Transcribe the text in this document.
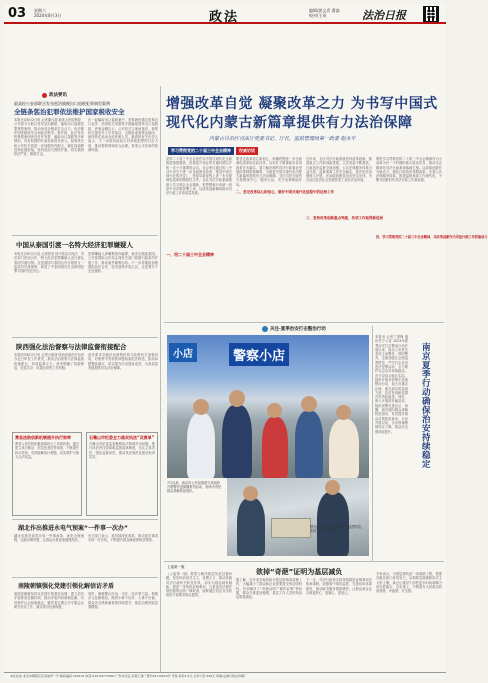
03 星期六
2024年8月3日	政法	编辑/郭文青 曹淼
校对/王英	法治日报
政法要讯
最高检公安部联合发布惩治偷税出口退税犯罪典型案例
全链条惩治犯罪依法维护国家税收安全
本报北京8月2日电 记者董凡超 最高人民检察院、公安部今天联合发布惩治偷税、骗取出口退税犯罪典型案例，推动形成全链条打击合力，依法维护国家税收安全和经济秩序。据介绍，此次发布的典型案例涉及虚开发票、骗取出口退税等多种情形，具有较强的代表性和指导意义。检察机关和公安机关将进一步加强协作配合，强化线索移送和证据衔接，坚持惩治与预防并重，切实做到依法严惩、精准打击。
在一起骗取出口退税案中，犯罪团伙通过虚构出口业务、伪造报关单据等手段骗取国家出口退税款，涉案金额巨大。公安机关立案侦查后，检察机关提前介入引导取证，全链条追查资金流向，最终依法追诉全部涉案人员。最高检有关负责人表示，下一步将持续加大对涉税犯罪的打击力度，推动税收领域综合治理，营造公平竞争的营商环境。
中国从泰国引渡一名特大经济犯罪嫌疑人
本报北京8月2日电 记者张昊 经中泰双方执法、司法部门密切合作，特大经济犯罪嫌疑人近日被从泰国引渡回国。这是我国与泰国合作开展的又一起成功引渡案例，彰显了中泰两国在打击跨国犯罪方面的坚定决心。
犯罪嫌疑人涉嫌集资诈骗罪，案发后潜逃泰国。公安部国际合作局会同有关部门依据引渡条约开展工作，推动案件顺利办结。下一步将继续加强国际执法合作，坚决追缉外逃人员，让犯罪分子无处遁形。
陕西强化法治督察与法律监督衔接配合
本报西安8月2日电 记者台建林 陕西省委依法治省办近日印发工作意见，推动法治督察与法律监督衔接配合，形成监督合力。意见明确了线索移送、信息共享、结果运用等工作机制。
意见要求各级法治督察机构与检察机关加强协同，对督察中发现的问题线索依法移送，推动问题整改落实，切实提升法治建设成效，为高质量发展提供坚实法治保障。
费县法院创新机制提升执行效率
费县人民法院积极探索执行工作新机制，通过建立执行联动、信息化查控等举措，不断提升执行效率，有效破解执行难题，切实维护当事人合法权益。
石嘴山市纪委全力落实执法“双责单”
石嘴山市纪委监委聚焦执法领域突出问题，推行执法责任清单和监督清单制度，压实主体责任，强化监督问责，推动执法规范化建设取得实效。
湖北作出推进永电气预案“一件事一次办”
湖北省推进高效办成一件事改革，优化办理流程，压缩办理时限，让群众办事更加便捷高效。
有关部门表示，将持续深化改革，推动更多事项实现一次办结，不断提升群众满意度和获得感。
南陵朝镇强化党建引领化解信访矛盾
南陵县朝镇坚持以党建引领基层治理，建立信访矛盾排查化解机制，推动矛盾纠纷就地化解，有效维护社会和谐稳定。镇党委定期召开专题会议研究信访工作，落实领导包案制度。
同时，朝镇整合综治、司法、信访等力量，构建多元化解格局，做到小事不出村、大事不出镇，群众安全感和满意度持续提升，基层治理效能显著增强。
增强改革自觉 凝聚改革之力 为书写中国式
现代化内蒙古新篇章提供有力法治保障
内蒙古自治区司法厅党委书记、厅长，监狱管理局第一政委 赵永平
学习贯彻党的二十届三中全会精神	权威访谈
党的二十届三中全会是在以中国式现代化全面推进强国建设、民族复兴伟业的关键时期召开的一次十分重要的会议。全会审议通过的《中共中央关于进一步全面深化改革、推进中国式现代化的决定》，是指导新征程上进一步全面深化改革的纲领性文件。全区司法行政系统要深入学习领会全会精神，把思想和行动统一到党中央决策部署上来，以改革创新精神推动司法行政工作高质量发展。
一、用二十届三中全会精神
要坚定改革信心和恒心，准确把握进一步全面深化改革的目标任务，以钉钉子精神抓好各项改革任务落实，着力解决制约司法行政事业发展的体制机制障碍，为推进中国式现代化内蒙古新篇章提供有力法治保障。全区司法行政机关将围绕中心、服务大局，充分发挥职能作用。
二、坚定改革信心和恒心，做好中国式现代化进程中的法治工作
近年来，全区司法行政系统坚持改革创新，推进重点工作取得新进展。立法质量不断提高，行政执法监督全面加强，公共法律服务体系日益完善，监狱戒毒工作安全稳定，普法依法治理深入开展，法治政府建设迈出坚实步伐，为自治区经济社会发展营造了良好法治环境。
三、坚持改革创新重点突破，各项工作取得新进展
要把学习贯彻党的二十届三中全会精神作为当前和今后一个时期的重大政治任务，推动全会精神在司法行政系统落地生根。以改革创新作为驱动力，深化行政执法体制改革，完善公共法律服务体系，推进监狱戒毒工作现代化，不断开创新时代司法行政工作新局面。
四、学习贯彻党的二十届三中全会精神，以改革创新作为司法行政工作的驱动力
关注·夏季治安打击整治行动
小店	警察小店
7月以来，南京市公安局秦淮分局组织开展警务进商圈系列活动，现场为市民群众讲解防范知识。
图为民警在夫子庙商圈开展巡逻防控。
本报通讯员 宁警 摄
南京夏季行动确保治安持续稳定
本报讯 记者丁国锋 通讯员宁公宣 2024年夏季治安打击整治行动开展以来，南京公安机关坚持主动警务、预防警务，全面加强社会面巡逻防控，严厉打击各类违法犯罪活动，全力维护社会治安持续稳定。各分局结合辖区实际，组织开展多轮集中清查整治行动，加大对重点区域、重点部位的巡查力度，及时发现和处置各类风险隐患。同时，深入开展防诈骗宣传，组织民警走进社区、商圈，面对面向群众讲解防范知识，有效提升群众自我防范意识。行动开展以来，全市刑事警情同比下降，群众安全感持续提升。
上接第一版
欲掉“奇葩”证明为基层减负
（上接第一版）要着力解决基层负担过重问题，坚决纠治形式主义、官僚主义，推动各级司法行政机关转变作风，切实为基层减负赋能。要进一步规范证明事项，凡是没有法律法规依据的证明一律取消，能够通过信息共享获取的不再要求群众提供。
据了解，近年来各地持续开展证明事项清理工作，大幅减少了群众和企业需要提交的证明材料，有效解决了“奇葩证明”“循环证明”等问题，群众办事更加便捷，基层工作人员的负担也明显减轻。
下一步，司法行政机关将持续推进证明事项告知承诺制，加强事中事后监管，完善信用体系建设，推动政务服务提质增效，让群众和企业办事更舒心、更顺心、更放心。
专家表示，为基层减负是一项系统工程，需要各级各部门协同发力，从制度层面破除形式主义的土壤，真正让基层干部把更多时间和精力用在抓落实、办实事上，不断提升人民群众的获得感、幸福感、安全感。
本社社址:北京市朝阳区花家地甲一号 邮政编码:100102 电话:010-84772000 广告许可证:京朝工商广登字20170019号 零售:每份1.5元 全年订价:420元 印刷:法制日报社印刷厂
